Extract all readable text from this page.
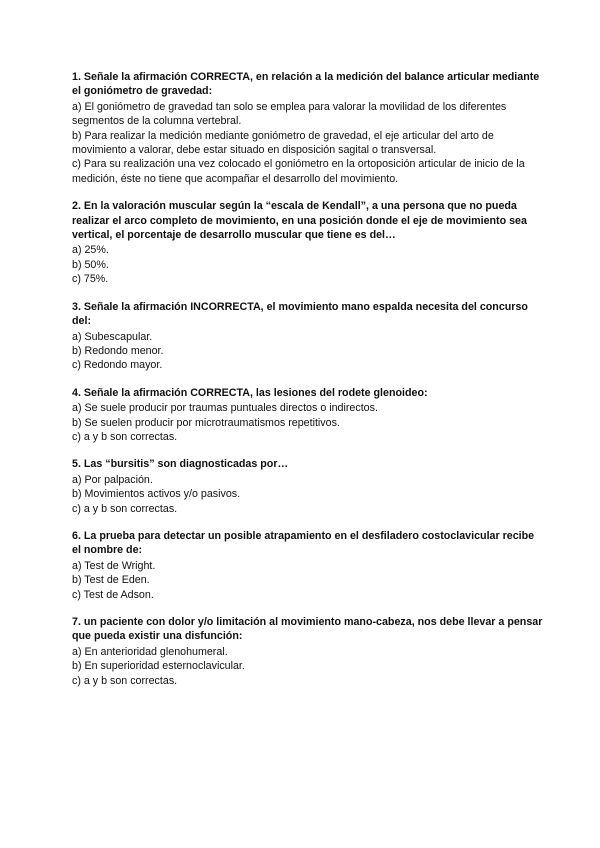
1. Señale la afirmación CORRECTA, en relación a la medición del balance articular mediante el goniómetro de gravedad:

a) El goniómetro de gravedad tan solo se emplea para valorar la movilidad de los diferentes segmentos de la columna vertebral.

b) Para realizar la medición mediante goniómetro de gravedad, el eje articular del arto de movimiento a valorar, debe estar situado en disposición sagital o transversal.

c) Para su realización una vez colocado el goniómetro en la ortoposición articular de inicio de la medición, éste no tiene que acompañar el desarrollo del movimiento.

2. En la valoración muscular según la “escala de Kendall”, a una persona que no pueda realizar el arco completo de movimiento, en una posición donde el eje de movimiento sea vertical, el porcentaje de desarrollo muscular que tiene es del…

a) 25%.

b) 50%.

c) 75%.

3. Señale la afirmación INCORRECTA, el movimiento mano espalda necesita del concurso del:

a) Subescapular.

b) Redondo menor.

c) Redondo mayor.

4. Señale la afirmación CORRECTA, las lesiones del rodete glenoideo:

a) Se suele producir por traumas puntuales directos o indirectos.

b) Se suelen producir por microtraumatismos repetitivos.

c) a y b son correctas.

5. Las “bursitis” son diagnosticadas por…

a) Por palpación.

b) Movimientos activos y/o pasivos.

c) a y b son correctas.

6. La prueba para detectar un posible atrapamiento en el desfiladero costoclavicular recibe el nombre de:

a) Test de Wright.

b) Test de Eden.

c) Test de Adson.

7. un paciente con dolor y/o limitación al movimiento mano-cabeza, nos debe llevar a pensar que pueda existir una disfunción:

a) En anterioridad glenohumeral.

b) En superioridad esternoclavicular.

c) a y b son correctas.
